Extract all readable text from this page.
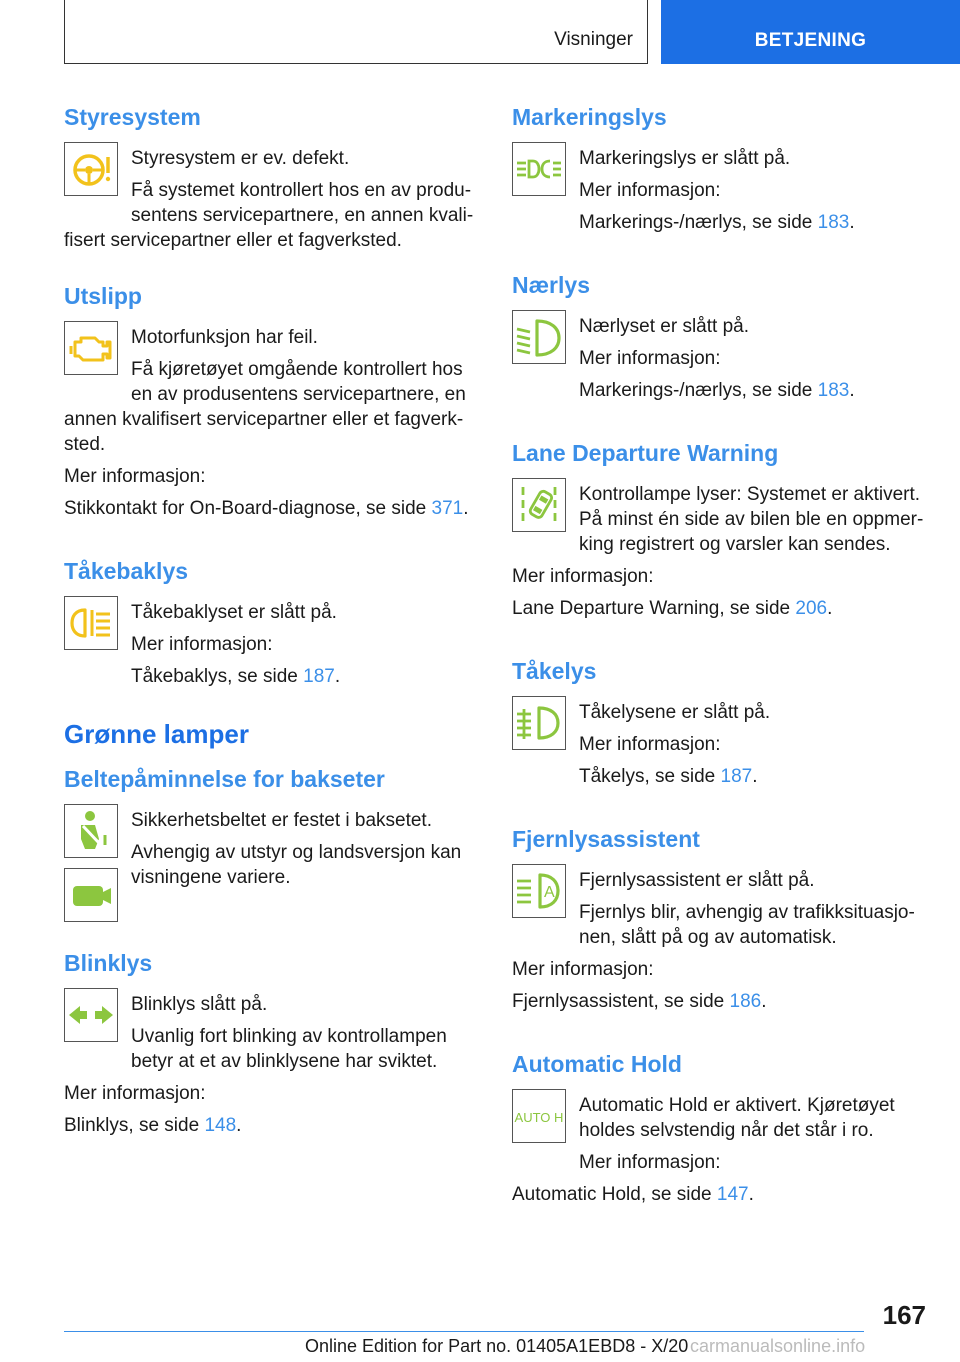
Visninger	BETJENING
Styresystem

Styresystem er ev. defekt.

Få systemet kontrollert hos en av produ-

sentens servicepartnere, en annen kvali-

fisert servicepartner eller et fagverksted.

Utslipp

Motorfunksjon har feil.

Få kjøretøyet omgående kontrollert hos

en av produsentens servicepartnere, en

annen kvalifisert servicepartner eller et fagverk-

sted.

Mer informasjon:

Stikkontakt for On-Board-diagnose, se side 371.

Tåkebaklys

Tåkebaklyset er slått på.

Mer informasjon:

Tåkebaklys, se side 187.

Grønne lamper
Beltepåminnelse for bakseter

Sikkerhetsbeltet er festet i baksetet.

Avhengig av utstyr og landsversjon kan

visningene variere.

Blinklys

Blinklys slått på.

Uvanlig fort blinking av kontrollampen

betyr at et av blinklysene har sviktet.

Mer informasjon:

Blinklys, se side 148.

Markeringslys

Markeringslys er slått på.

Mer informasjon:

Markerings-/nærlys, se side 183.

Nærlys

Nærlyset er slått på.

Mer informasjon:

Markerings-/nærlys, se side 183.

Lane Departure Warning

Kontrollampe lyser: Systemet er aktivert.

På minst én side av bilen ble en oppmer-

king registrert og varsler kan sendes.

Mer informasjon:

Lane Departure Warning, se side 206.

Tåkelys

Tåkelysene er slått på.

Mer informasjon:

Tåkelys, se side 187.

Fjernlysassistent
A

Fjernlysassistent er slått på.

Fjernlys blir, avhengig av trafikksituasjo-

nen, slått på og av automatisk.

Mer informasjon:

Fjernlysassistent, se side 186.

Automatic Hold
AUTO H

Automatic Hold er aktivert. Kjøretøyet

holdes selvstendig når det står i ro.

Mer informasjon:

Automatic Hold, se side 147.

167
Online Edition for Part no. 01405A1EBD8 - X/20 carmanualsonline.info
